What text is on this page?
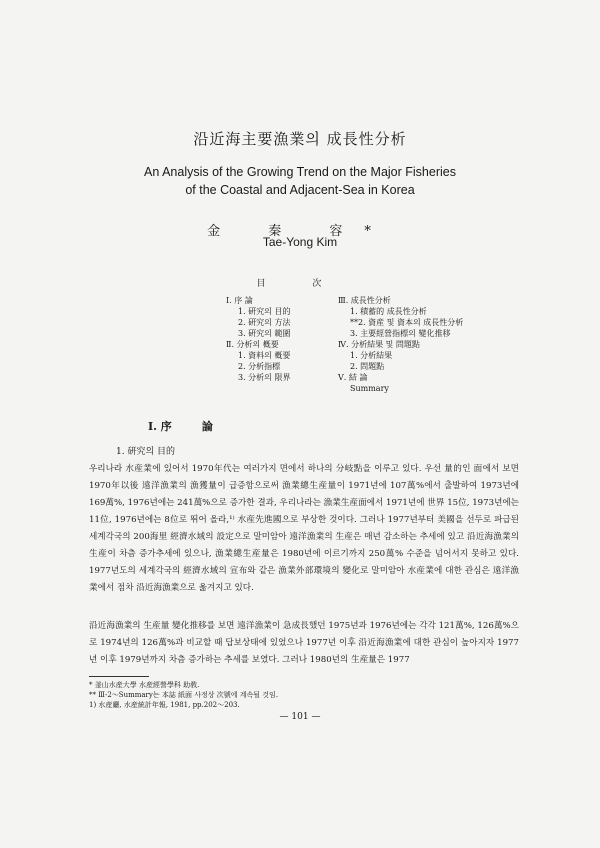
沿近海主要漁業의 成長性分析
An Analysis of the Growing Trend on the Major Fisheries
of the Coastal and Adjacent-Sea in Korea
金 秦 容*
Tae-Yong Kim
目 次
Ⅰ. 序 論
1. 硏究의 目的
2. 硏究의 方法
3. 硏究의 範圍
Ⅱ. 分析의 槪要
1. 資料의 槪要
2. 分析指標
3. 分析의 限界
Ⅲ. 成長性分析
1. 積蓄的 成長性分析
**2. 資産 및 資本의 成長性分析
3. 主要經營指標의 變化推移
Ⅳ. 分析結果 및 問題點
1. 分析結果
2. 問題點
Ⅴ. 結 論
Summary
Ⅰ. 序	論
1. 硏究의 目的
우리나라 水産業에 있어서 1970年代는 여러가지 면에서 하나의 分岐點을 이루고 있다. 우선 量的인 面에서 보면 1970年以後 遠洋漁業의 漁獲量이 급증함으로써 漁業總生産量이 1971년에 107萬%에서 출발하여 1973년에 169萬%, 1976년에는 241萬%으로 증가한 결과, 우리나라는 漁業生産面에서 1971년에 世界 15位, 1973년에는 11位, 1976년에는 8位로 뛰어 올라,¹⁾ 水産先進國으로 부상한 것이다. 그러나 1977년부터 美國을 선두로 파급된 세계각국의 200海里 經濟水域의 設定으로 말미암아 遠洋漁業의 生産은 매년 감소하는 추세에 있고 沿近海漁業의 生産이 차츰 증가추세에 있으나, 漁業總生産量은 1980년에 이르기까지 250萬% 수준을 넘어서지 못하고 있다. 1977년도의 세계각국의 經濟水域의 宣布와 같은 漁業外部環境의 變化로 말미암아 水産業에 대한 관심은 遠洋漁業에서 점차 沿近海漁業으로 옮겨지고 있다.
沿近海漁業의 生産量 變化推移를 보면 遠洋漁業이 急成長했던 1975년과 1976년에는 각각 121萬%, 126萬%으로 1974년의 126萬%과 비교할 때 답보상태에 있었으나 1977년 이후 沿近海漁業에 대한 관심이 높아지자 1977년 이후 1979년까지 차츰 증가하는 추세를 보였다. 그러나 1980년의 生産量은 1977
* 釜山水産大學 水産經營學科 助敎.
** Ⅲ-2～Summary는 本誌 紙面 사정상 次號에 계속될 것임.
1) 水産廳, 水産統計年報, 1981, pp.202～203.
— 101 —
